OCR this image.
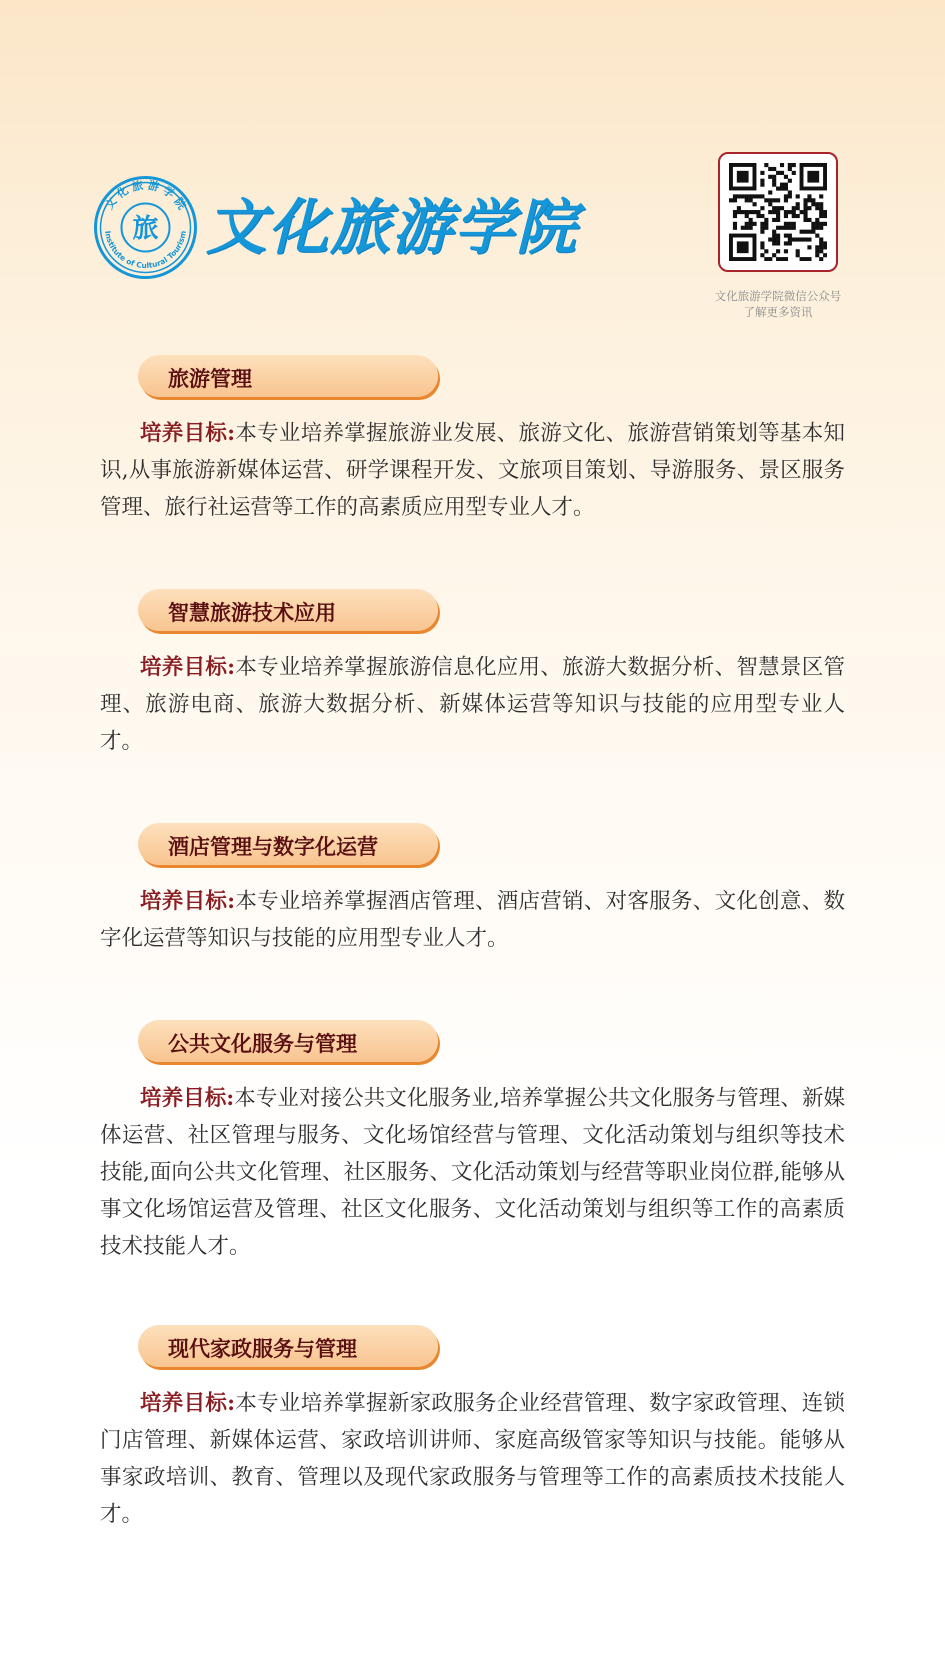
文 化 旅 游 学 院
Institute of Cultural Tourism
旅 文化旅游学院
文化旅游学院微信公众号
了解更多资讯
旅游管理
培养目标:本专业培养掌握旅游业发展、旅游文化、旅游营销策划等基本知识,从事旅游新媒体运营、研学课程开发、文旅项目策划、导游服务、景区服务管理、旅行社运营等工作的高素质应用型专业人才。
智慧旅游技术应用
培养目标:本专业培养掌握旅游信息化应用、旅游大数据分析、智慧景区管理、旅游电商、旅游大数据分析、新媒体运营等知识与技能的应用型专业人才。
酒店管理与数字化运营
培养目标:本专业培养掌握酒店管理、酒店营销、对客服务、文化创意、数字化运营等知识与技能的应用型专业人才。
公共文化服务与管理
培养目标:本专业对接公共文化服务业,培养掌握公共文化服务与管理、新媒体运营、社区管理与服务、文化场馆经营与管理、文化活动策划与组织等技术技能,面向公共文化管理、社区服务、文化活动策划与经营等职业岗位群,能够从事文化场馆运营及管理、社区文化服务、文化活动策划与组织等工作的高素质技术技能人才。
现代家政服务与管理
培养目标:本专业培养掌握新家政服务企业经营管理、数字家政管理、连锁门店管理、新媒体运营、家政培训讲师、家庭高级管家等知识与技能。能够从事家政培训、教育、管理以及现代家政服务与管理等工作的高素质技术技能人才。
